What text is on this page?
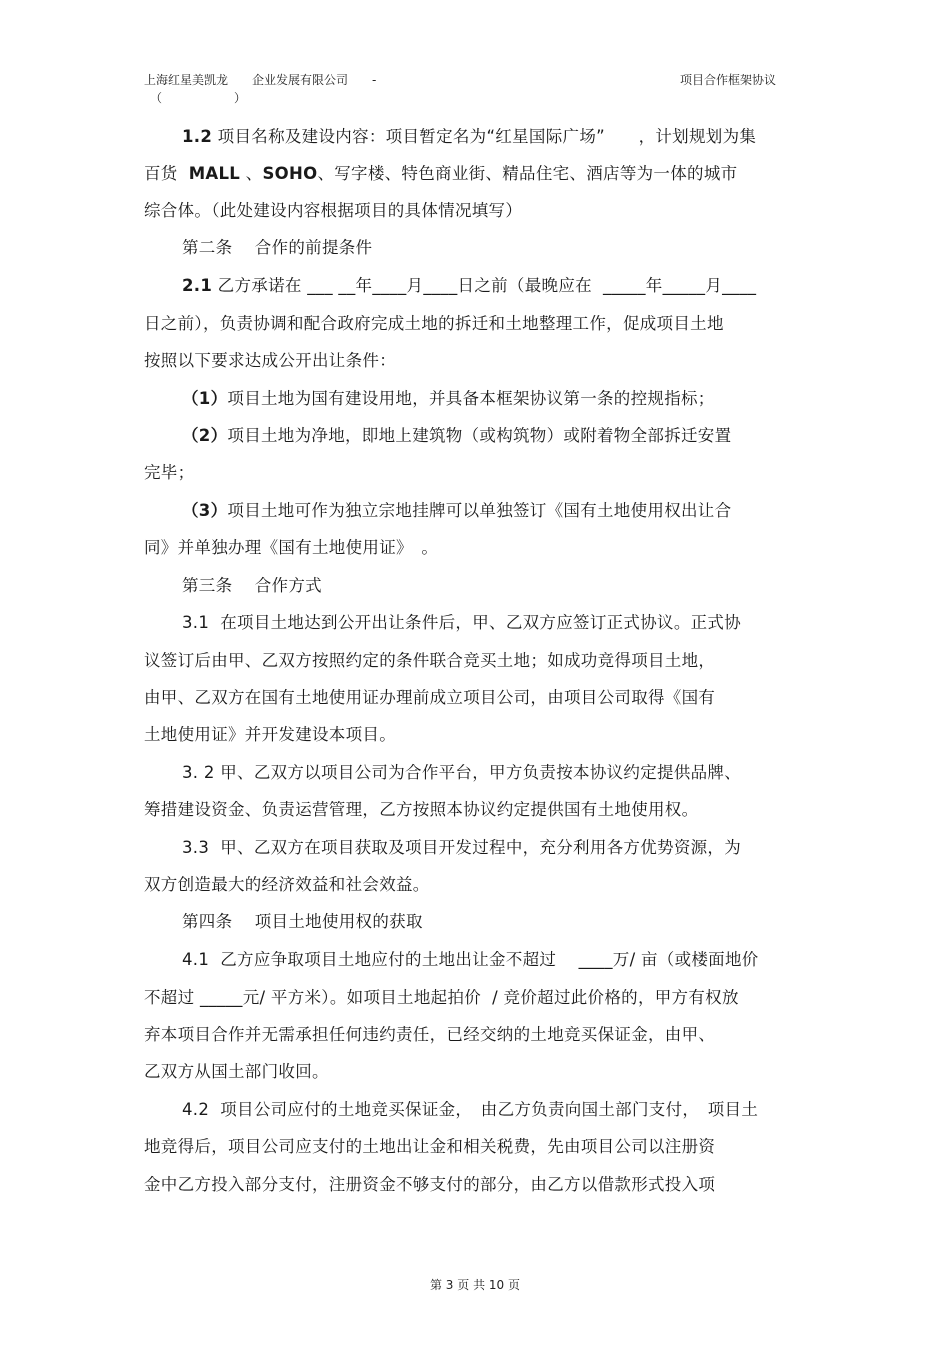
上海红星美凯龙　　企业发展有限公司　　-
（　　　　　　）
项目合作框架协议
1.2 项目名称及建设内容：项目暂定名为“红星国际广场”　　，计划规划为集
百货  MALL 、SOHO、写字楼、特色商业街、精品住宅、酒店等为一体的城市
综合体。（此处建设内容根据项目的具体情况填写）
第二条　 合作的前提条件
2.1 乙方承诺在 ___ __年____月____日之前（最晚应在  _____年_____月____
日之前），负责协调和配合政府完成土地的拆迁和土地整理工作，促成项目土地
按照以下要求达成公开出让条件：
（1）项目土地为国有建设用地，并具备本框架协议第一条的控规指标；
（2）项目土地为净地，即地上建筑物（或构筑物）或附着物全部拆迁安置
完毕；
（3）项目土地可作为独立宗地挂牌可以单独签订《国有土地使用权出让合
同》并单独办理《国有土地使用证》　。
第三条　 合作方式
3.1  在项目土地达到公开出让条件后，甲、乙双方应签订正式协议。正式协
议签订后由甲、乙双方按照约定的条件联合竞买土地；如成功竞得项目土地，
由甲、乙双方在国有土地使用证办理前成立项目公司，由项目公司取得《国有
土地使用证》并开发建设本项目。
3. 2 甲、乙双方以项目公司为合作平台，甲方负责按本协议约定提供品牌、
筹措建设资金、负责运营管理，乙方按照本协议约定提供国有土地使用权。
3.3  甲、乙双方在项目获取及项目开发过程中，充分利用各方优势资源，为
双方创造最大的经济效益和社会效益。
第四条　 项目土地使用权的获取
4.1  乙方应争取项目土地应付的土地出让金不超过　 ____万/ 亩（或楼面地价
不超过 _____元/ 平方米）。如项目土地起拍价  / 竞价超过此价格的，甲方有权放
弃本项目合作并无需承担任何违约责任，已经交纳的土地竞买保证金，由甲、
乙双方从国土部门收回。
4.2  项目公司应付的土地竞买保证金，　由乙方负责向国土部门支付，　项目土
地竞得后，项目公司应支付的土地出让金和相关税费，先由项目公司以注册资
金中乙方投入部分支付，注册资金不够支付的部分，由乙方以借款形式投入项
第 3 页 共 10 页
